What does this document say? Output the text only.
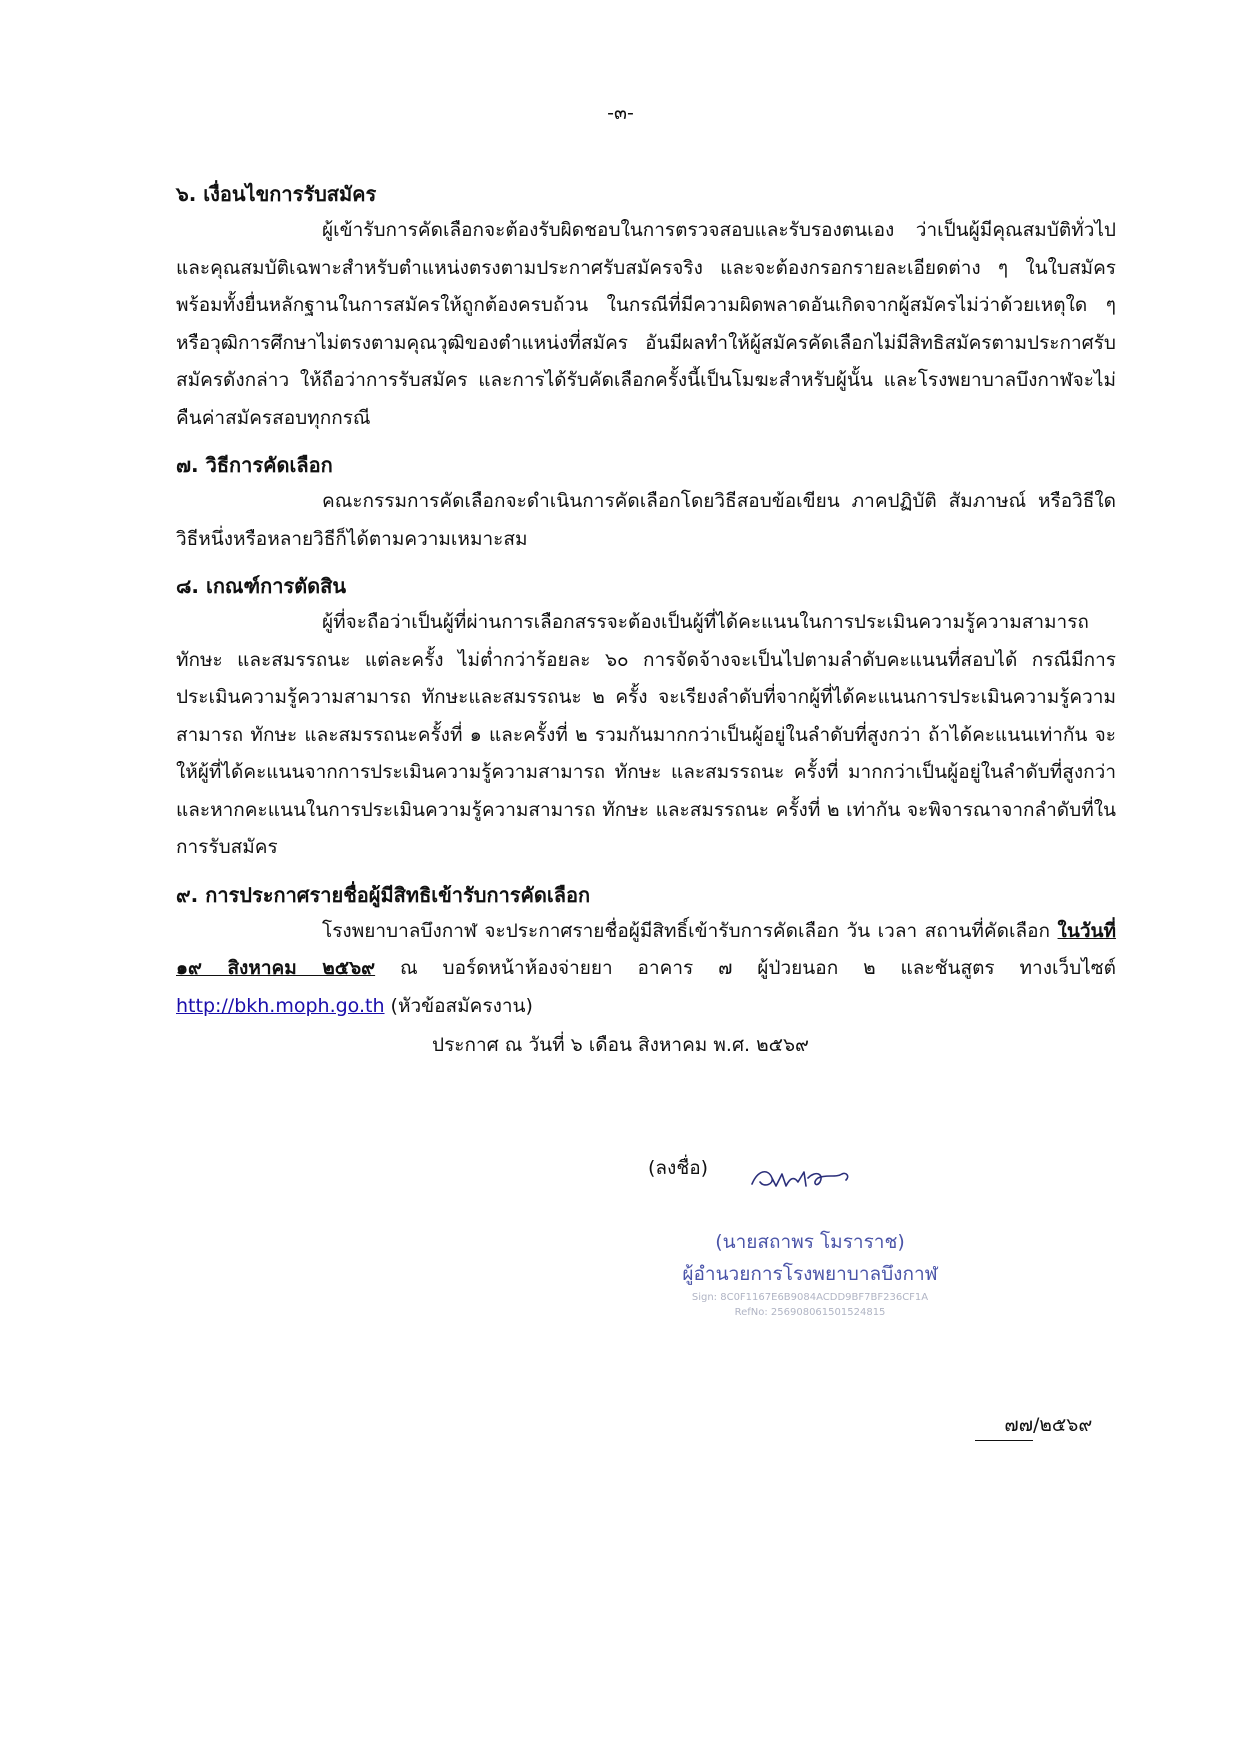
-๓-
๖. เงื่อนไขการรับสมัคร

ผู้เข้ารับการคัดเลือกจะต้องรับผิดชอบในการตรวจสอบและรับรองตนเอง ว่าเป็นผู้มีคุณสมบัติทั่วไปและคุณสมบัติเฉพาะสำหรับตำแหน่งตรงตามประกาศรับสมัครจริง และจะต้องกรอกรายละเอียดต่าง ๆ ในใบสมัคร พร้อมทั้งยื่นหลักฐานในการสมัครให้ถูกต้องครบถ้วน ในกรณีที่มีความผิดพลาดอันเกิดจากผู้สมัครไม่ว่าด้วยเหตุใด ๆ หรือวุฒิการศึกษาไม่ตรงตามคุณวุฒิของตำแหน่งที่สมัคร อันมีผลทำให้ผู้สมัครคัดเลือกไม่มีสิทธิสมัครตามประกาศรับสมัครดังกล่าว ให้ถือว่าการรับสมัคร และการได้รับคัดเลือกครั้งนี้เป็นโมฆะสำหรับผู้นั้น และโรงพยาบาลบึงกาฬจะไม่คืนค่าสมัครสอบทุกกรณี

๗. วิธีการคัดเลือก

คณะกรรมการคัดเลือกจะดำเนินการคัดเลือกโดยวิธีสอบข้อเขียน ภาคปฏิบัติ สัมภาษณ์ หรือวิธีใดวิธีหนึ่งหรือหลายวิธีก็ได้ตามความเหมาะสม

๘. เกณฑ์การตัดสิน

ผู้ที่จะถือว่าเป็นผู้ที่ผ่านการเลือกสรรจะต้องเป็นผู้ที่ได้คะแนนในการประเมินความรู้ความสามารถ ทักษะ และสมรรถนะ แต่ละครั้ง ไม่ต่ำกว่าร้อยละ ๖๐ การจัดจ้างจะเป็นไปตามลำดับคะแนนที่สอบได้ กรณีมีการประเมินความรู้ความสามารถ ทักษะและสมรรถนะ ๒ ครั้ง จะเรียงลำดับที่จากผู้ที่ได้คะแนนการประเมินความรู้ความสามารถ ทักษะ และสมรรถนะครั้งที่ ๑ และครั้งที่ ๒ รวมกันมากกว่าเป็นผู้อยู่ในลำดับที่สูงกว่า ถ้าได้คะแนนเท่ากัน จะให้ผู้ที่ได้คะแนนจากการประเมินความรู้ความสามารถ ทักษะ และสมรรถนะ ครั้งที่ มากกว่าเป็นผู้อยู่ในลำดับที่สูงกว่า และหากคะแนนในการประเมินความรู้ความสามารถ ทักษะ และสมรรถนะ ครั้งที่ ๒ เท่ากัน จะพิจารณาจากลำดับที่ในการรับสมัคร

๙. การประกาศรายชื่อผู้มีสิทธิเข้ารับการคัดเลือก

โรงพยาบาลบึงกาฬ จะประกาศรายชื่อผู้มีสิทธิ์เข้ารับการคัดเลือก วัน เวลา สถานที่คัดเลือก ในวันที่ ๑๙ สิงหาคม ๒๕๖๙ ณ บอร์ดหน้าห้องจ่ายยา อาคาร ๗ ผู้ป่วยนอก ๒ และชันสูตร ทางเว็บไซต์ http://bkh.moph.go.th (หัวข้อสมัครงาน)

ประกาศ ณ วันที่ ๖ เดือน สิงหาคม พ.ศ. ๒๕๖๙
(ลงชื่อ)
(นายสถาพร โมราราช)
ผู้อำนวยการโรงพยาบาลบึงกาฬ
Sign: 8C0F1167E6B9084ACDD9BF7BF236CF1A
RefNo: 256908061501524815
๗๗/๒๕๖๙
